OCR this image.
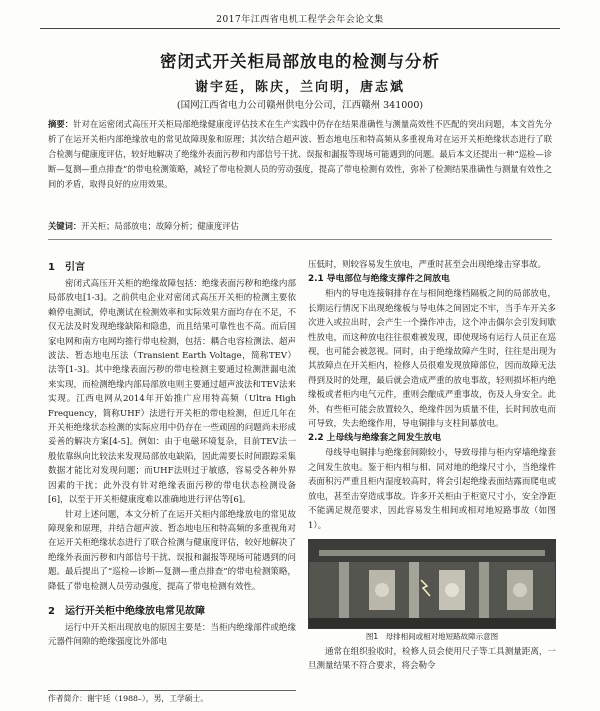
2017年江西省电机工程学会年会论文集
密闭式开关柜局部放电的检测与分析
谢宇廷，陈庆，兰向明，唐志斌
(国网江西省电力公司赣州供电分公司，江西赣州 341000)
摘要：针对在运密闭式高压开关柜局部绝缘健康度评估技术在生产实践中仍存在结果准确性与测量高效性不匹配的突出问题，本文首先分析了在运开关柜内部绝缘放电的常见故障现象和原理；其次结合超声波、暂态地电压和特高频从多重视角对在运开关柜绝缘状态进行了联合检测与健康度评估，较好地解决了绝缘外表面污秽和内部信号干扰、误报和漏报等现场可能遇到的问题。最后本文还提出一种“巡检—诊断—复测—重点排查”的带电检测策略，减轻了带电检测人员的劳动强度，提高了带电检测有效性，弥补了检测结果准确性与测量有效性之间的矛盾，取得良好的应用效果。
关键词：开关柜；局部放电；故障分析；健康度评估
1　引言

密闭式高压开关柜的绝缘故障包括：绝缘表面污秽和绝缘内部局部放电[1-3]。之前供电企业对密闭式高压开关柜的检测主要依赖停电测试，停电测试在检测效率和实际效果方面均存在不足，不仅无法及时发现绝缘缺陷和隐患，而且结果可靠性也不高。而后国家电网和南方电网均推行带电检测，包括：耦合电容检测法、超声波法、暂态地电压法（Transient Earth Voltage，简称TEV）法等[1-3]。其中绝缘表面污秽的带电检测主要通过检测泄漏电流来实现，而检测绝缘内部局部放电则主要通过超声波法和TEV法来实现。江西电网从2014年开始推广应用特高频（Ultra High Frequency，简称UHF）法进行开关柜的带电检测，但近几年在开关柜绝缘状态检测的实际应用中仍存在一些顽固的问题尚未形成妥善的解决方案[4-5]。例如：由于电磁环境复杂，目前TEV法一般依靠纵向比较法来发现局部放电缺陷，因此需要长时间跟踪采集数据才能比对发现问题；而UHF法则过于敏感，容易受各种外界因素的干扰；此外没有针对绝缘表面污秽的带电状态检测设备[6]，以至于开关柜健康度难以准确地进行评估等[6]。

针对上述问题，本文分析了在运开关柜内部绝缘放电的常见故障现象和原理，并结合超声波、暂态地电压和特高频的多重视角对在运开关柜绝缘状态进行了联合检测与健康度评估，较好地解决了绝缘外表面污秽和内部信号干扰、误报和漏报等现场可能遇到的问题。最后提出了“巡检—诊断—复测—重点排查”的带电检测策略，降低了带电检测人员劳动强度，提高了带电检测有效性。

2　运行开关柜中绝缘放电常见故障

运行中开关柜出现放电的原因主要是：当柜内绝缘部件或绝缘元器件间隙的绝缘强度比外部电

压低时，则较容易发生放电，严重时甚至会出现绝缘击穿事故。

2.1 导电部位与绝缘支撑件之间放电

柜内的导电连接铜排存在与相间绝缘档隔板之间的局部放电，长期运行情况下出现绝缘板与导电体之间固定不牢，当手车开关多次进入或拉出时，会产生一个操作冲击，这个冲击偶尔会引发间歇性放电，而这种放电往往很难被发现，即使现场有运行人员正在巡视，也可能会被忽视。同时，由于绝缘故障产生时，往往是出现为其放障点在开关柜内，检修人员很难发现放障部位，因而故障无法得到及时的处理，最后就会造成严重的放电事故，轻则损坏柜内绝缘板或者柜内电气元件，重则会酿成严重事故，伤及人身安全。此外，有些柜可能会放置较久，绝缘件因为质量不佳，长时间放电而可导致，失去绝缘作用，导电铜排与支柱间暴放电。

2.2 上母线与绝缘套之间发生放电

母线导电铜排与绝缘套间隙较小，导致母排与柜内穿墙绝缘套之间发生放电。鉴于柜内相与相、同对地的绝缘尺寸小，当绝缘件表面积污严重且柜内湿度较高时，将会引起绝缘表面结露而爬电或放电，甚至击穿造成事故。许多开关柜由于柜宽尺寸小，安全净距不能满足规范要求，因此容易发生相间或相对地短路事故（如图1）。

图1　母排相间或相对地短路故障示意图

通常在组织验收时，检修人员会使用尺子等工具测量距离，一旦测量结果不符合要求，将会勒令

作者简介：谢宇廷（1988–），男，工学硕士。
